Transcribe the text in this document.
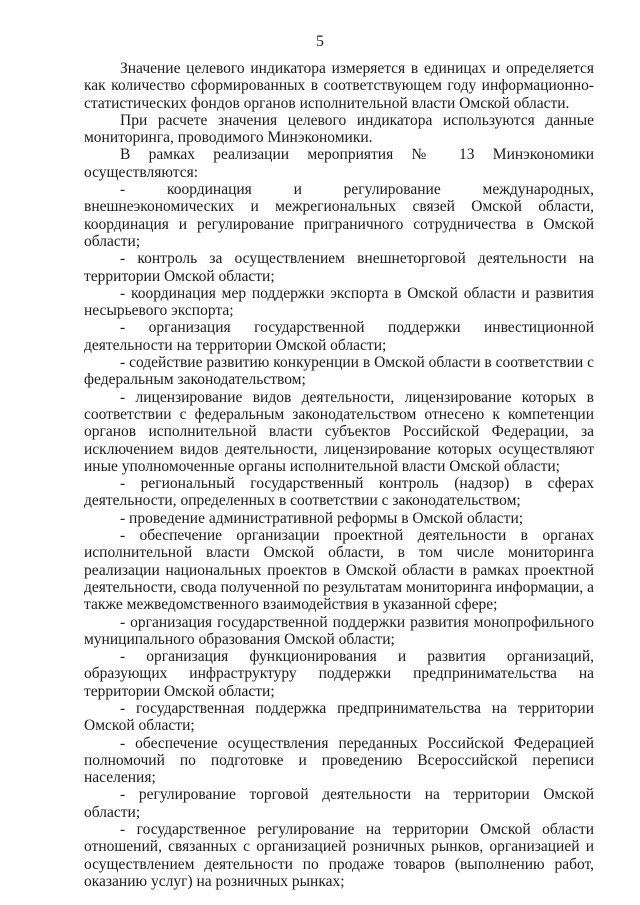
5

Значение целевого индикатора измеряется в единицах и определяется как количество сформированных в соответствующем году информационно-статистических фондов органов исполнительной власти Омской области.

При расчете значения целевого индикатора используются данные мониторинга, проводимого Минэкономики.

В рамках реализации мероприятия № 13 Минэкономики осуществляются:

- координация и регулирование международных, внешнеэкономических и межрегиональных связей Омской области, координация и регулирование приграничного сотрудничества в Омской области;

- контроль за осуществлением внешнеторговой деятельности на территории Омской области;

- координация мер поддержки экспорта в Омской области и развития несырьевого экспорта;

- организация государственной поддержки инвестиционной деятельности на территории Омской области;

- содействие развитию конкуренции в Омской области в соответствии с федеральным законодательством;

- лицензирование видов деятельности, лицензирование которых в соответствии с федеральным законодательством отнесено к компетенции органов исполнительной власти субъектов Российской Федерации, за исключением видов деятельности, лицензирование которых осуществляют иные уполномоченные органы исполнительной власти Омской области;

- региональный государственный контроль (надзор) в сферах деятельности, определенных в соответствии с законодательством;

- проведение административной реформы в Омской области;

- обеспечение организации проектной деятельности в органах исполнительной власти Омской области, в том числе мониторинга реализации национальных проектов в Омской области в рамках проектной деятельности, свода полученной по результатам мониторинга информации, а также межведомственного взаимодействия в указанной сфере;

- организация государственной поддержки развития монопрофильного муниципального образования Омской области;

- организация функционирования и развития организаций, образующих инфраструктуру поддержки предпринимательства на территории Омской области;

- государственная поддержка предпринимательства на территории Омской области;

- обеспечение осуществления переданных Российской Федерацией полномочий по подготовке и проведению Всероссийской переписи населения;

- регулирование торговой деятельности на территории Омской области;

- государственное регулирование на территории Омской области отношений, связанных с организацией розничных рынков, организацией и осуществлением деятельности по продаже товаров (выполнению работ, оказанию услуг) на розничных рынках;
